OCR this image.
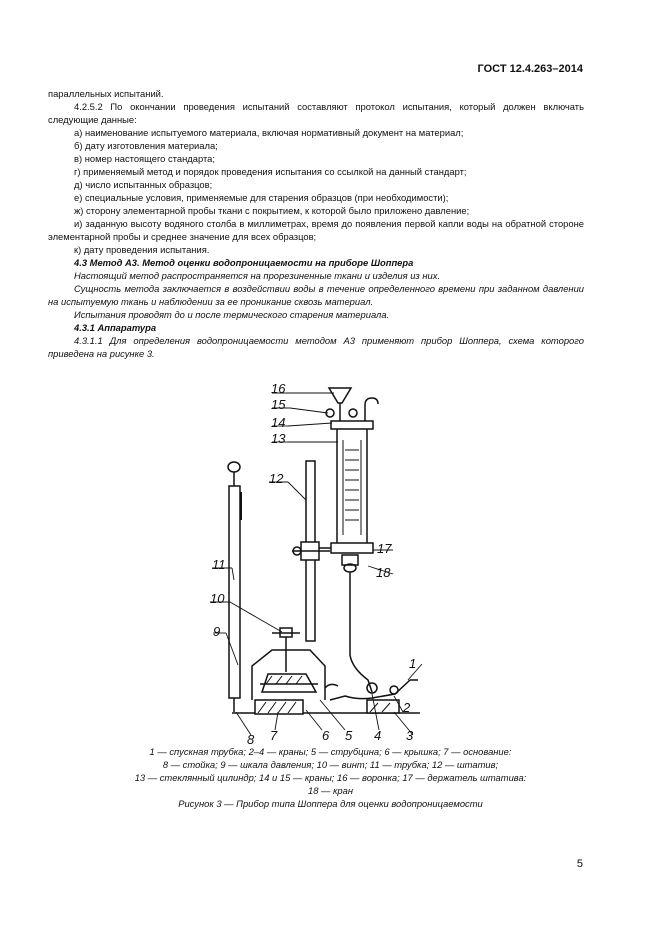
ГОСТ 12.4.263–2014

параллельных испытаний.

4.2.5.2 По окончании проведения испытаний составляют протокол испытания, который должен включать следующие данные:

а) наименование испытуемого материала, включая нормативный документ на материал;

б) дату изготовления материала;

в) номер настоящего стандарта;

г) применяемый метод и порядок проведения испытания со ссылкой на данный стандарт;

д) число испытанных образцов;

е) специальные условия, применяемые для старения образцов (при необходимости);

ж) сторону элементарной пробы ткани с покрытием, к которой было приложено давление;

и) заданную высоту водяного столба в миллиметрах, время до появления первой капли воды на обратной стороне элементарной пробы и среднее значение для всех образцов;

к) дату проведения испытания.

4.3 Метод А3. Метод оценки водопроницаемости на приборе Шоппера

Настоящий метод распространяется на прорезиненные ткани и изделия из них.

Сущность метода заключается в воздействии воды в течение определенного времени при заданном давлении на испытуемую ткань и наблюдении за ее проникание сквозь материал.

Испытания проводят до и после термического старения материала.

4.3.1 Аппаратура

4.3.1.1 Для определения водопроницаемости методом А3 применяют прибор Шоппера, схема которого приведена на рисунке 3.

1
2
3
4
5
6
7
8
9
10
11
12
13
14
15
16
17
18

1 — спускная трубка; 2–4 — краны; 5 — струбцина; 6 — крышка; 7 — основание:

8 — стойка; 9 — шкала давления; 10 — винт; 11 — трубка; 12 — штатив;

13 — стеклянный цилиндр; 14 и 15 — краны; 16 — воронка; 17 — держатель штатива:

18 — кран

Рисунок 3 — Прибор типа Шоппера для оценки водопроницаемости

5
